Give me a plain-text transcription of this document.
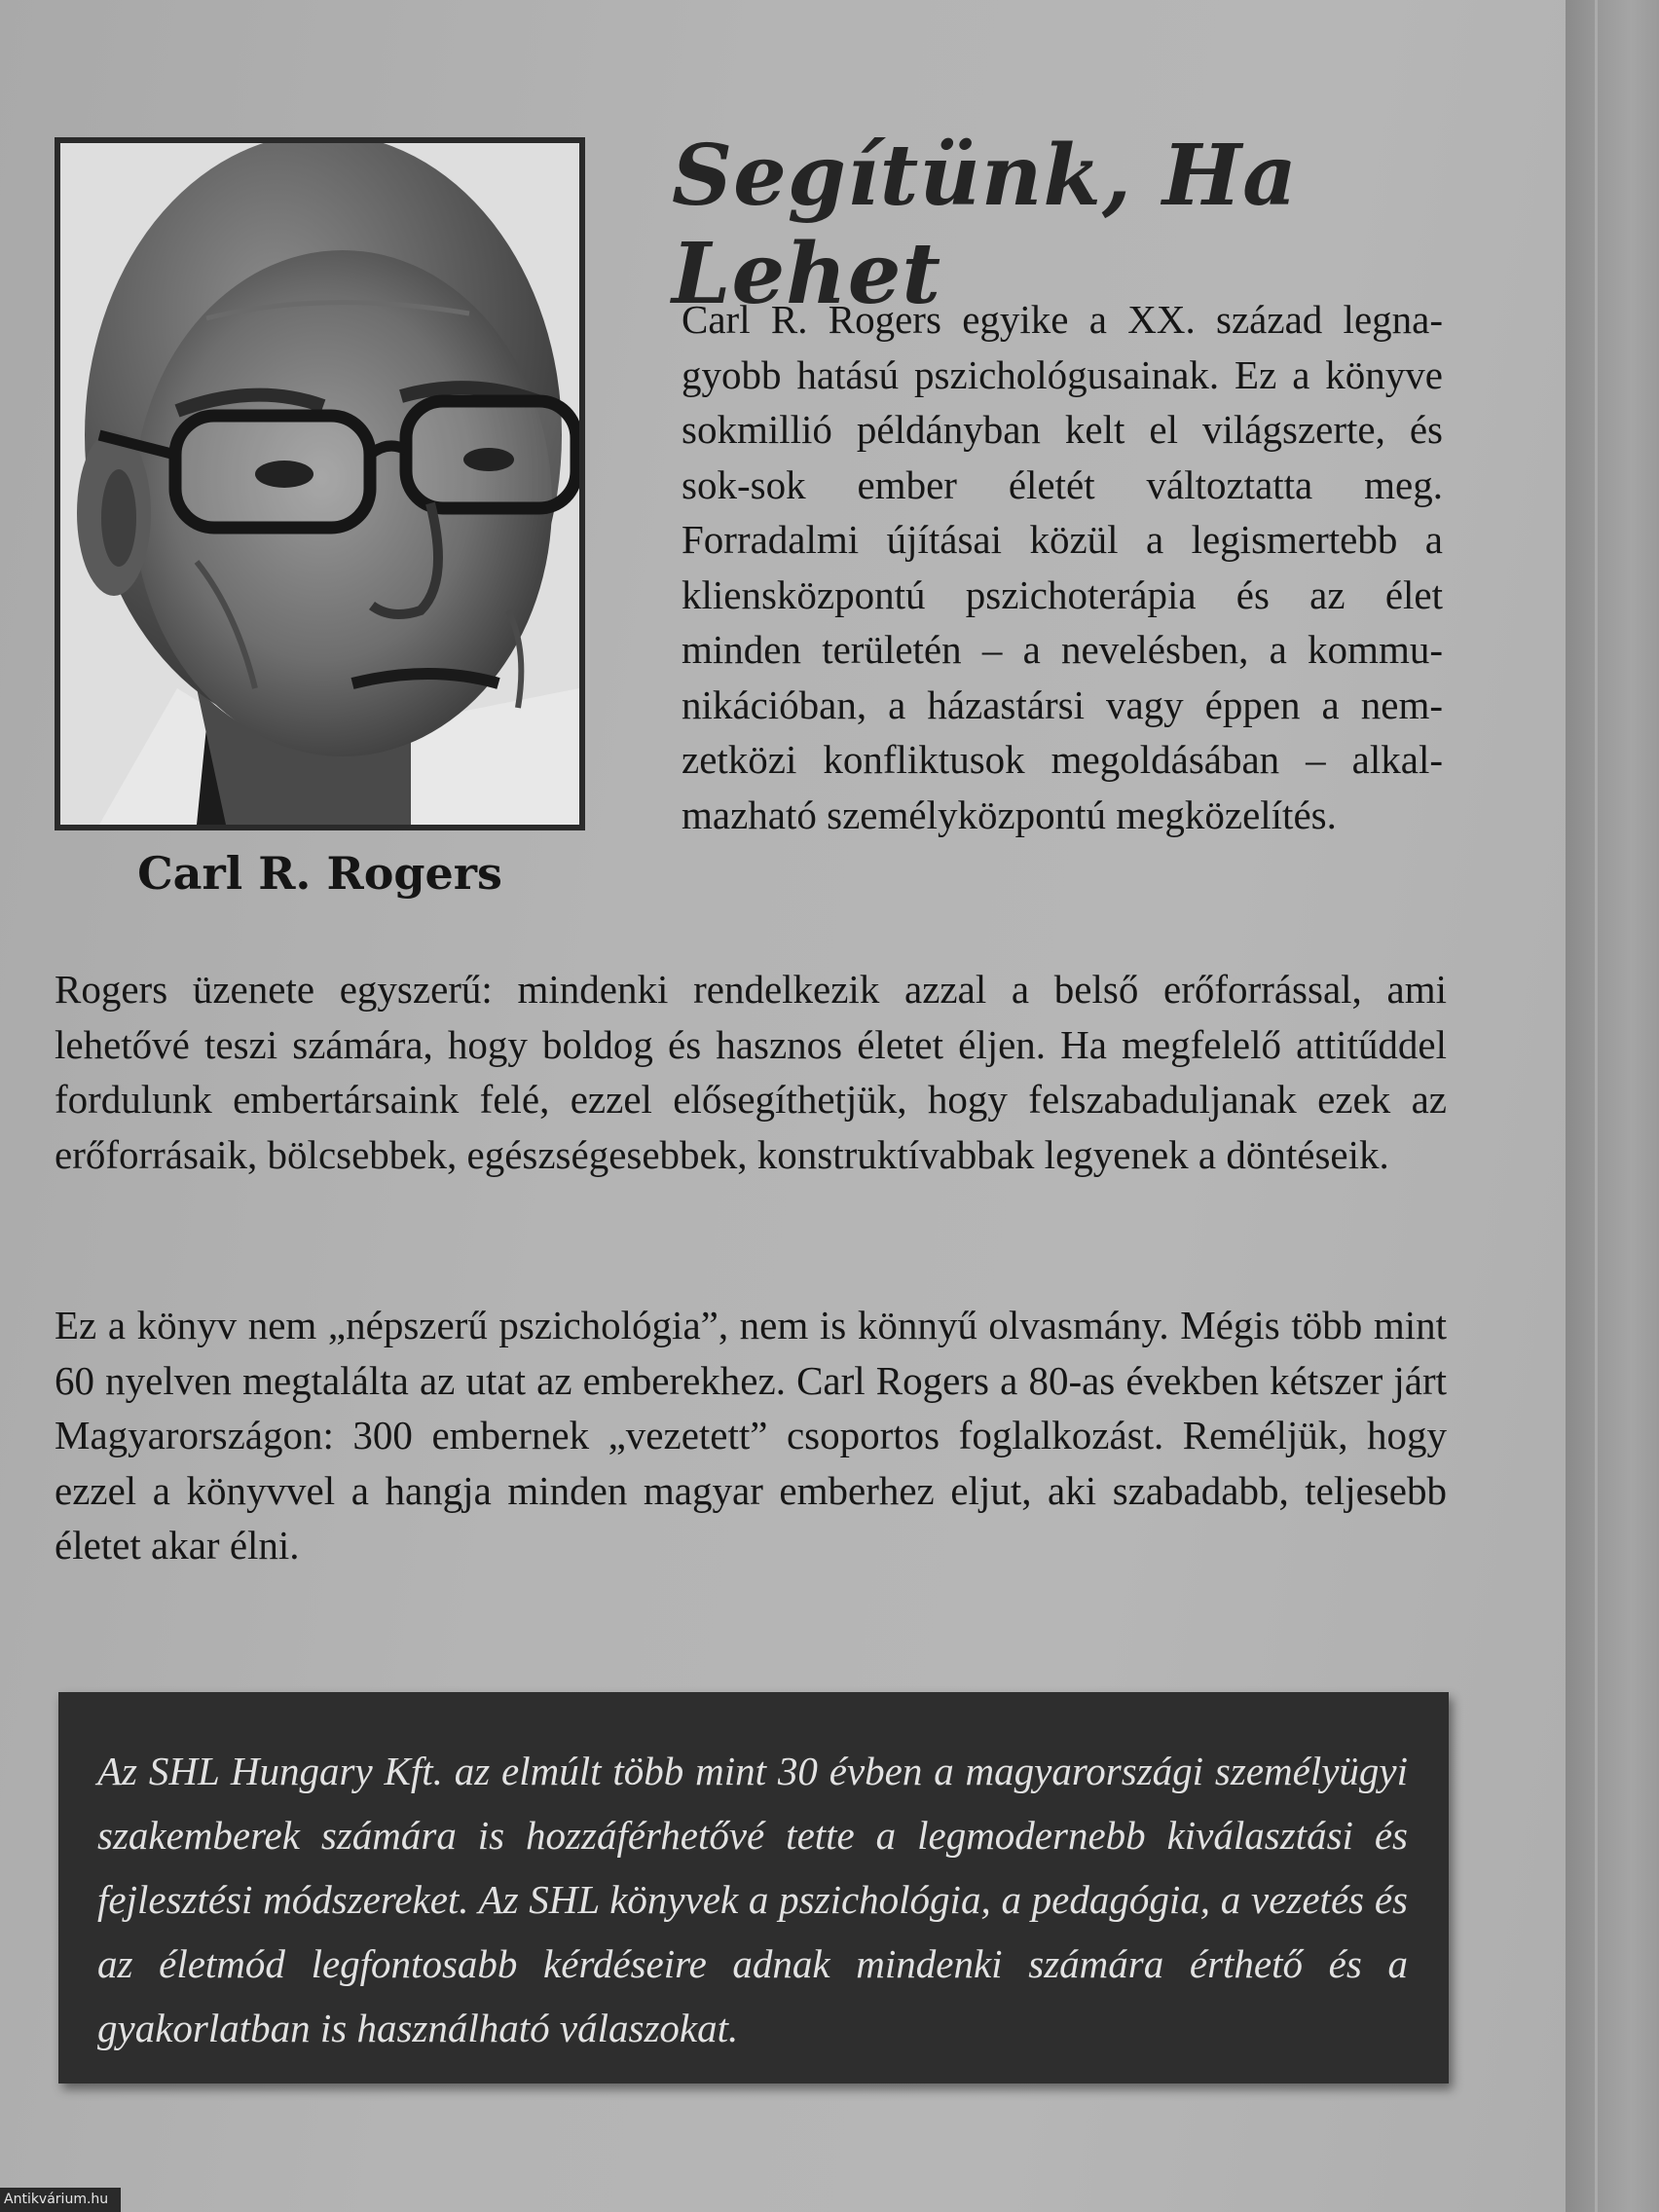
Carl R. Rogers
Segítünk, Ha Lehet

Carl R. Rogers egyike a XX. század legnagyobb hatású pszichológusainak. Ez a könyve sokmillió példányban kelt el világszerte, és sok-sok ember életét változtatta meg. Forradalmi újításai közül a legismertebb a kliensközpontú pszichoterápia és az élet minden területén – a nevelésben, a kommunikációban, a házastársi vagy éppen a nemzetközi konfliktusok megoldásában – alkalmazható személyközpontú megközelítés.

Rogers üzenete egyszerű: mindenki rendelkezik azzal a belső erőforrással, ami lehetővé teszi számára, hogy boldog és hasznos életet éljen. Ha megfelelő attitűddel fordulunk embertársaink felé, ezzel elősegíthetjük, hogy felszabaduljanak ezek az erőforrásaik, bölcsebbek, egészségesebbek, konstruktívabbak legyenek a döntéseik.

Ez a könyv nem „népszerű pszichológia”, nem is könnyű olvasmány. Mégis több mint 60 nyelven megtalálta az utat az emberekhez. Carl Rogers a 80-as években kétszer járt Magyarországon: 300 embernek „vezetett” csoportos foglalkozást. Reméljük, hogy ezzel a könyvvel a hangja minden magyar emberhez eljut, aki szabadabb, teljesebb életet akar élni.

Az SHL Hungary Kft. az elmúlt több mint 30 évben a magyarországi személyügyi szakemberek számára is hozzáférhetővé tette a legmodernebb kiválasztási és fejlesztési módszereket. Az SHL könyvek a pszichológia, a pedagógia, a vezetés és az életmód legfontosabb kérdéseire adnak mindenki számára érthető és a gyakorlatban is használható válaszokat.

Antikvárium.hu
